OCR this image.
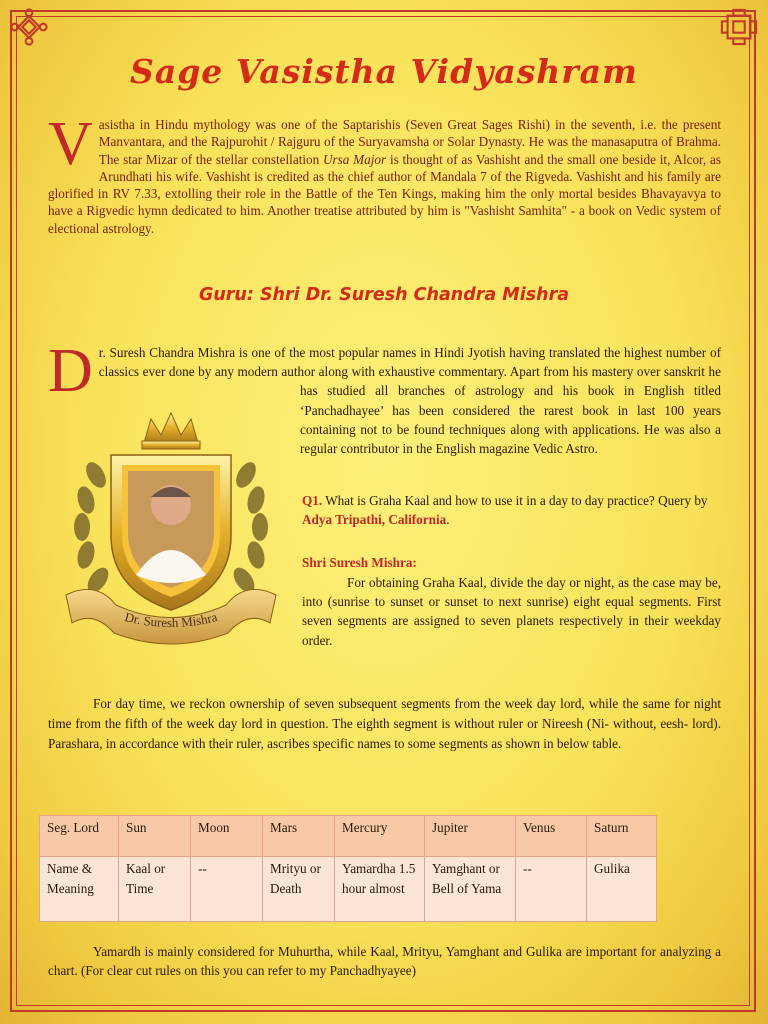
Sage Vasistha Vidyashram
V asistha in Hindu mythology was one of the Saptarishis (Seven Great Sages Rishi) in the seventh, i.e. the present Manvantara, and the Rajpurohit / Rajguru of the Suryavamsha or Solar Dynasty. He was the manasaputra of Brahma. The star Mizar of the stellar constellation Ursa Major is thought of as Vashisht and the small one beside it, Alcor, as Arundhati his wife. Vashisht is credited as the chief author of Mandala 7 of the Rigveda. Vashisht and his family are glorified in RV 7.33, extolling their role in the Battle of the Ten Kings, making him the only mortal besides Bhavayavya to have a Rigvedic hymn dedicated to him. Another treatise attributed by him is "Vashisht Samhita" - a book on Vedic system of electional astrology.
Guru: Shri Dr. Suresh Chandra Mishra
D r. Suresh Chandra Mishra is one of the most popular names in Hindi Jyotish having translated the highest number of classics ever done by any modern author along with exhaustive commentary. Apart from his mastery over sanskrit he has studied all branches of astrology and his book in English titled ‘Panchadhayee’ has been considered the rarest book in last 100 years containing not to be found techniques along with applications. He was also a regular contributor in the English magazine Vedic Astro.
Dr. Suresh Mishra
Q1. What is Graha Kaal and how to use it in a day to day practice? Query by Adya Tripathi, California.
Shri Suresh Mishra:
For obtaining Graha Kaal, divide the day or night, as the case may be, into (sunrise to sunset or sunset to next sunrise) eight equal segments. First seven segments are assigned to seven planets respectively in their weekday order.
For day time, we reckon ownership of seven subsequent segments from the week day lord, while the same for night time from the fifth of the week day lord in question. The eighth segment is without ruler or Nireesh (Ni- without, eesh- lord). Parashara, in accordance with their ruler, ascribes specific names to some segments as shown in below table.
Seg. Lord	Sun	Moon	Mars	Mercury	Jupiter	Venus	Saturn
Name & Meaning	Kaal or Time	--	Mrityu or Death	Yamardha 1.5 hour almost	Yamghant or Bell of Yama	--	Gulika
Yamardh is mainly considered for Muhurtha, while Kaal, Mrityu, Yamghant and Gulika are important for analyzing a chart. (For clear cut rules on this you can refer to my Panchadhyayee)
